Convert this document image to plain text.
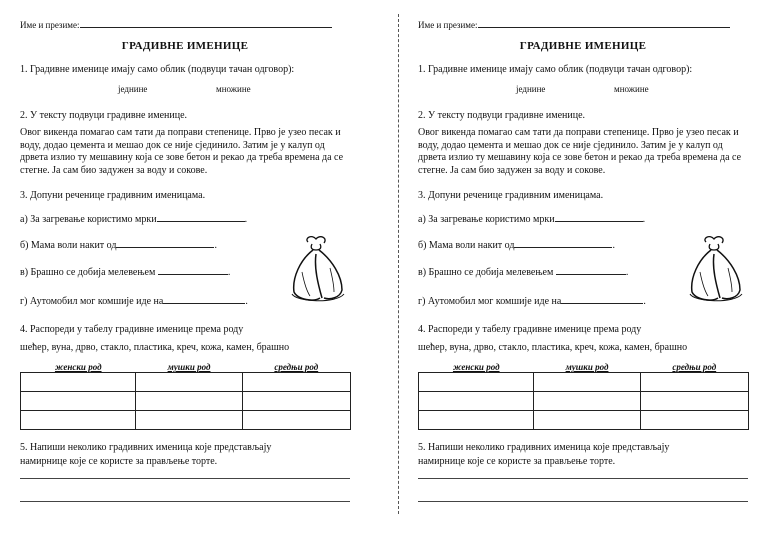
Име и презиме:
ГРАДИВНЕ ИМЕНИЦЕ
1. Градивне именице имају само облик (подвуци тачан одговор):
једнине	множине
2. У тексту подвуци градивне именице.
Овог викенда помагао сам тати да поправи степенице. Прво је узео песак и воду, додао цемента и мешао док се није сјединило. Затим је у калуп од дрвета излио ту мешавину која се зове бетон и рекао да треба времена да се стегне. Ја сам био задужен за воду и сокове.
3. Допуни реченице градивним именицама.
а) За загревање користимо мрки	.
б) Мама воли накит од	.
в) Брашно се добија мелевењем	.
г) Аутомобил мог комшије иде на	.
4. Распореди у табелу градивне именице према роду
шећер, вуна, дрво, стакло, пластика, креч, кожа, камен, брашно
женски род	мушки род	средњи род

5. Напиши неколико градивних именица које представљају
намирнице које се користе за прављење торте.
Име и презиме:
ГРАДИВНЕ ИМЕНИЦЕ
1. Градивне именице имају само облик (подвуци тачан одговор):
једнине	множине
2. У тексту подвуци градивне именице.
Овог викенда помагао сам тати да поправи степенице. Прво је узео песак и воду, додао цемента и мешао док се није сјединило. Затим је у калуп од дрвета излио ту мешавину која се зове бетон и рекао да треба времена да се стегне. Ја сам био задужен за воду и сокове.
3. Допуни реченице градивним именицама.
а) За загревање користимо мрки	.
б) Мама воли накит од	.
в) Брашно се добија мелевењем	.
г) Аутомобил мог комшије иде на	.
4. Распореди у табелу градивне именице према роду
шећер, вуна, дрво, стакло, пластика, креч, кожа, камен, брашно
женски род	мушки род	средњи род

5. Напиши неколико градивних именица које представљају
намирнице које се користе за прављење торте.
